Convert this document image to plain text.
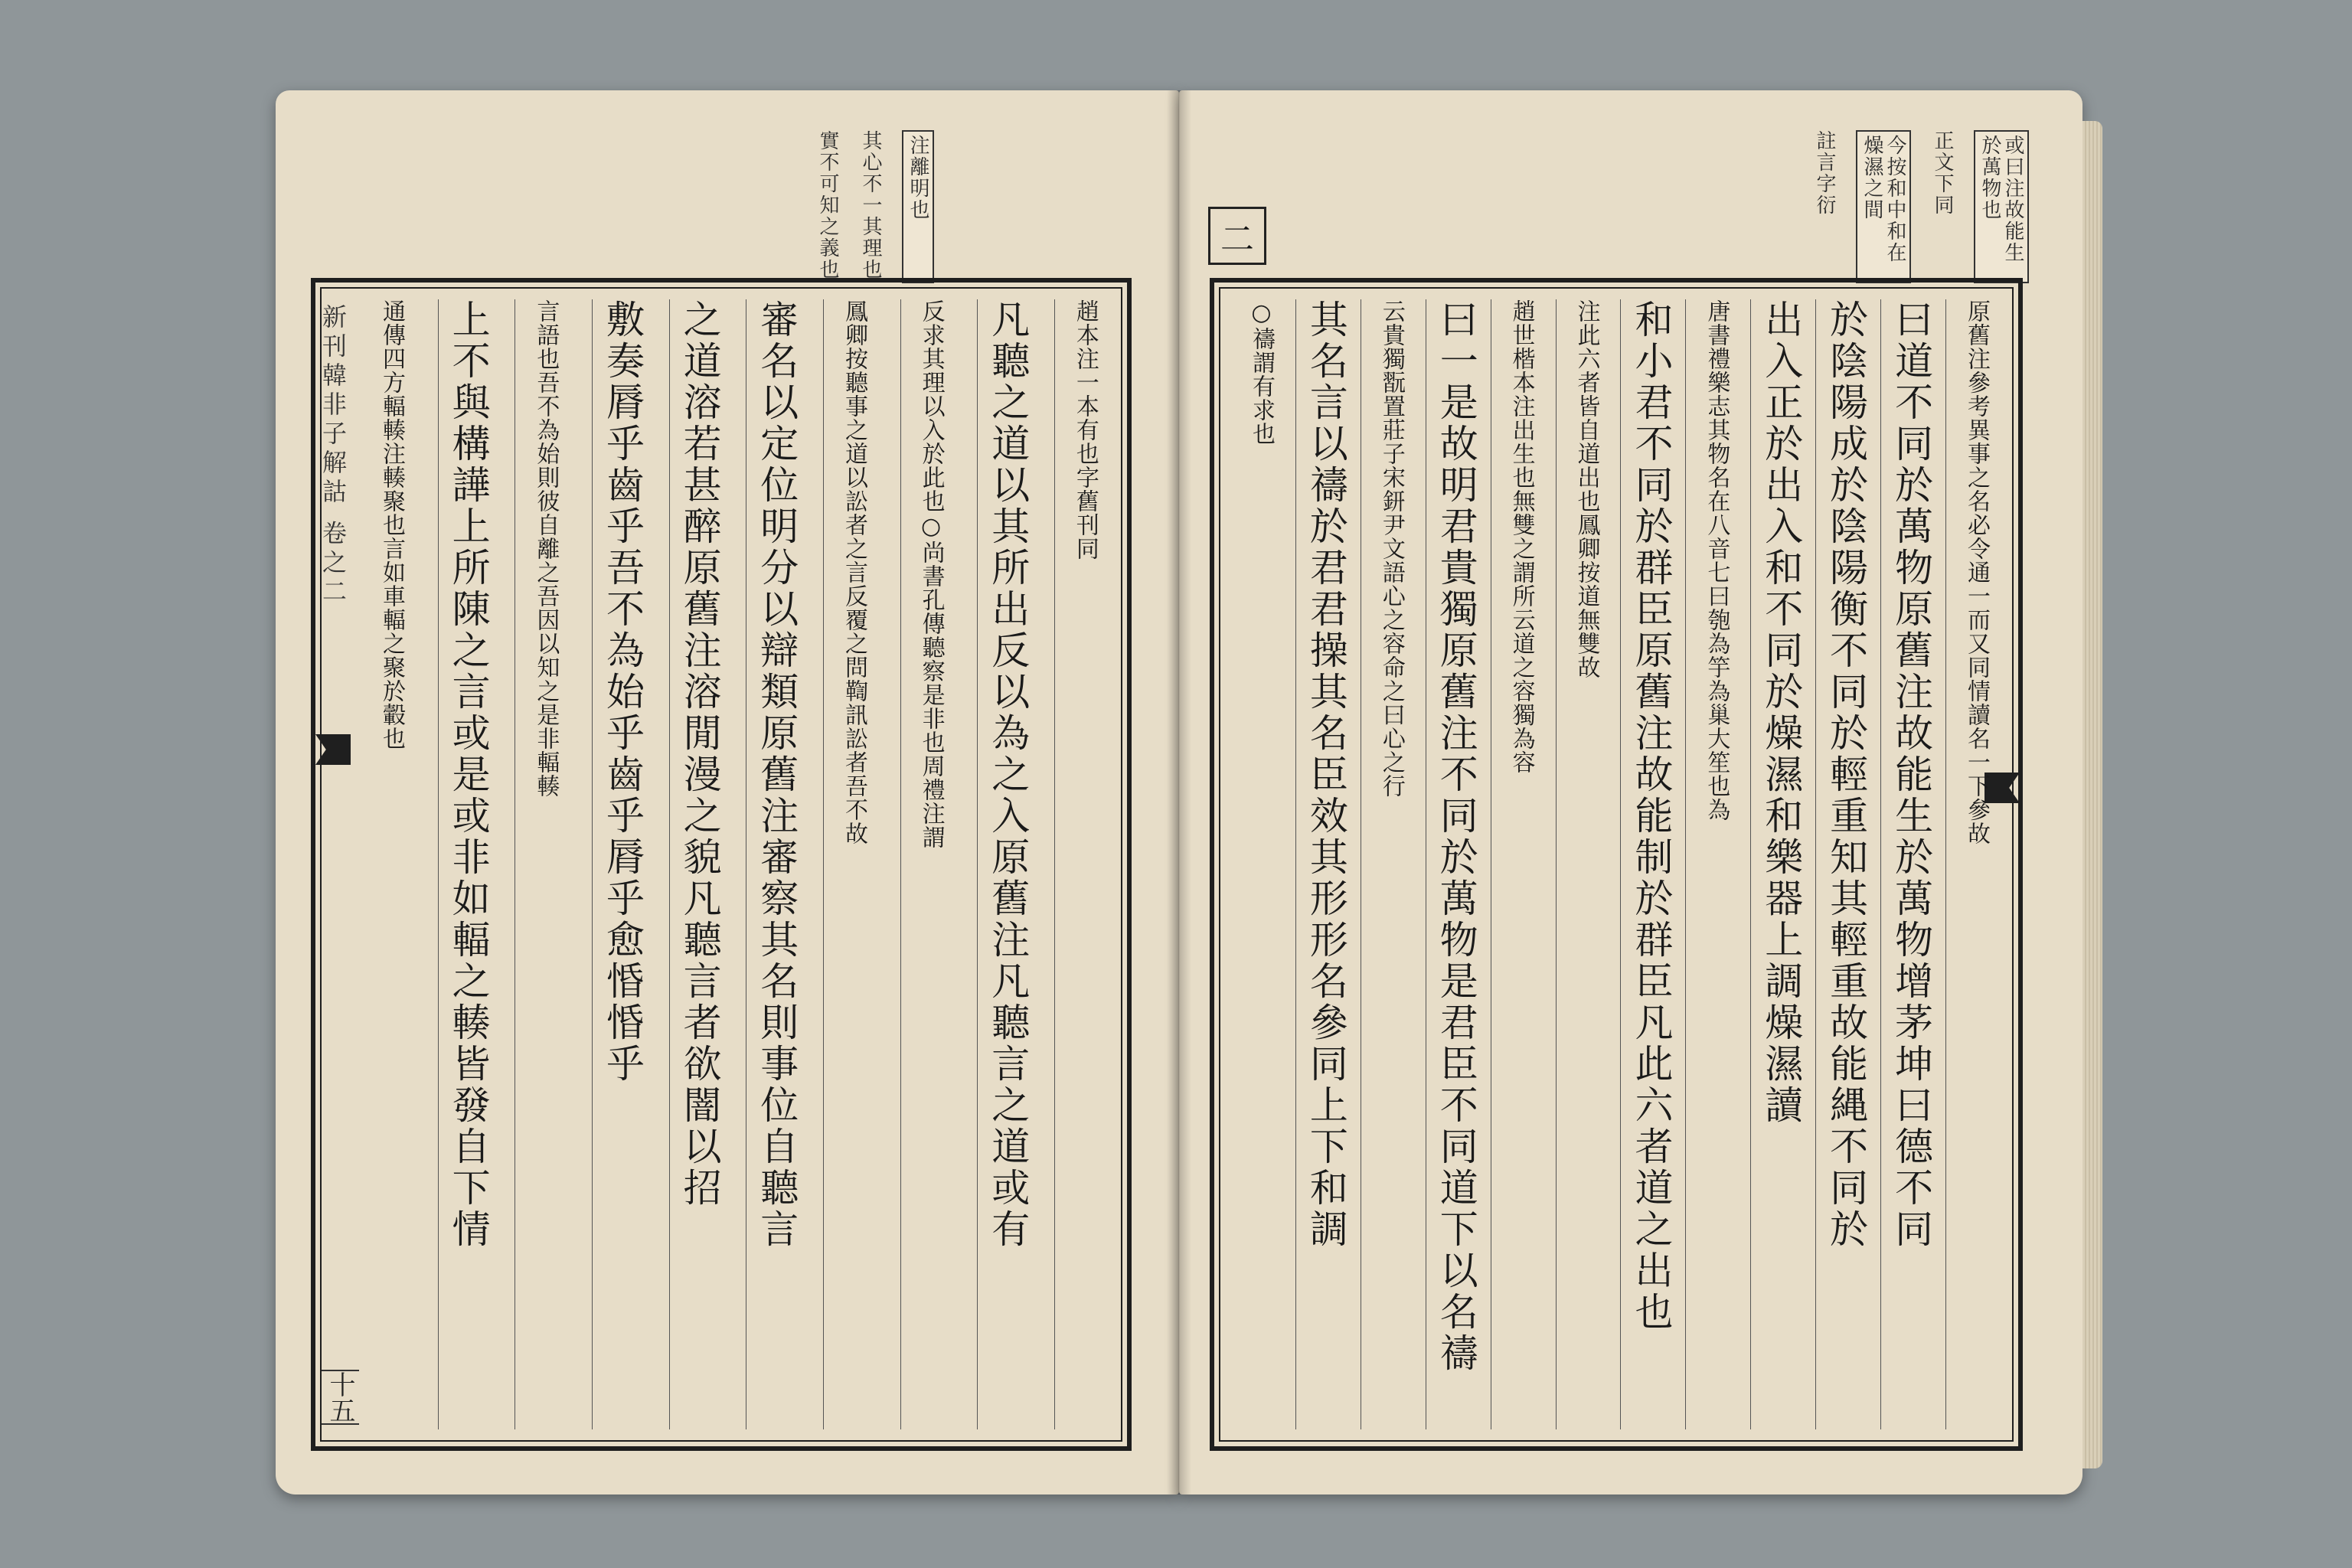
注離明也
其心不一其理也
實不可知之義也
新刊韓非子解詁 卷之二
十五
趙本注一本有也字舊刊同
凡聽之道以其所出反以為之入原舊注凡聽言之道或有
反求其理以入於此也○尚書孔傳聽察是非也周禮注謂
鳳卿按聽事之道以訟者之言反覆之問鞫訊訟者吾不故
審名以定位明分以辯類原舊注審察其名則事位自聽言
之道溶若甚醉原舊注溶閒漫之貌凡聽言者欲闇以招
敷奏脣乎齒乎吾不為始乎齒乎脣乎愈惛惛乎
言語也吾不為始則彼自離之吾因以知之是非輻輳
上不與構譁上所陳之言或是或非如輻之輳皆發自下情
通傳四方輻輳注輳聚也言如車輻之聚於轂也
或曰注故能生於萬物也
正文下同
今按和中和在燥濕之間
註言字衍
原舊注參考異事之名必令通一而又同情讀名一下參故
曰道不同於萬物原舊注故能生於萬物增茅坤曰德不同
於陰陽成於陰陽衡不同於輕重知其輕重故能縄不同於
出入正於出入和不同於燥濕和樂器上調燥濕讀
唐書禮樂志其物名在八音七曰匏為竽為巢大笙也為
和小君不同於群臣原舊注故能制於群臣凡此六者道之出也
注此六者皆自道出也鳳卿按道無雙故
趙世楷本注出生也無雙之謂所云道之容獨為容
曰一是故明君貴獨原舊注不同於萬物是君臣不同道下以名禱
云貴獨翫置莊子宋鈃尹文語心之容命之曰心之行
其名言以禱於君君操其名臣效其形形名參同上下和調
○禱謂有求也
二
